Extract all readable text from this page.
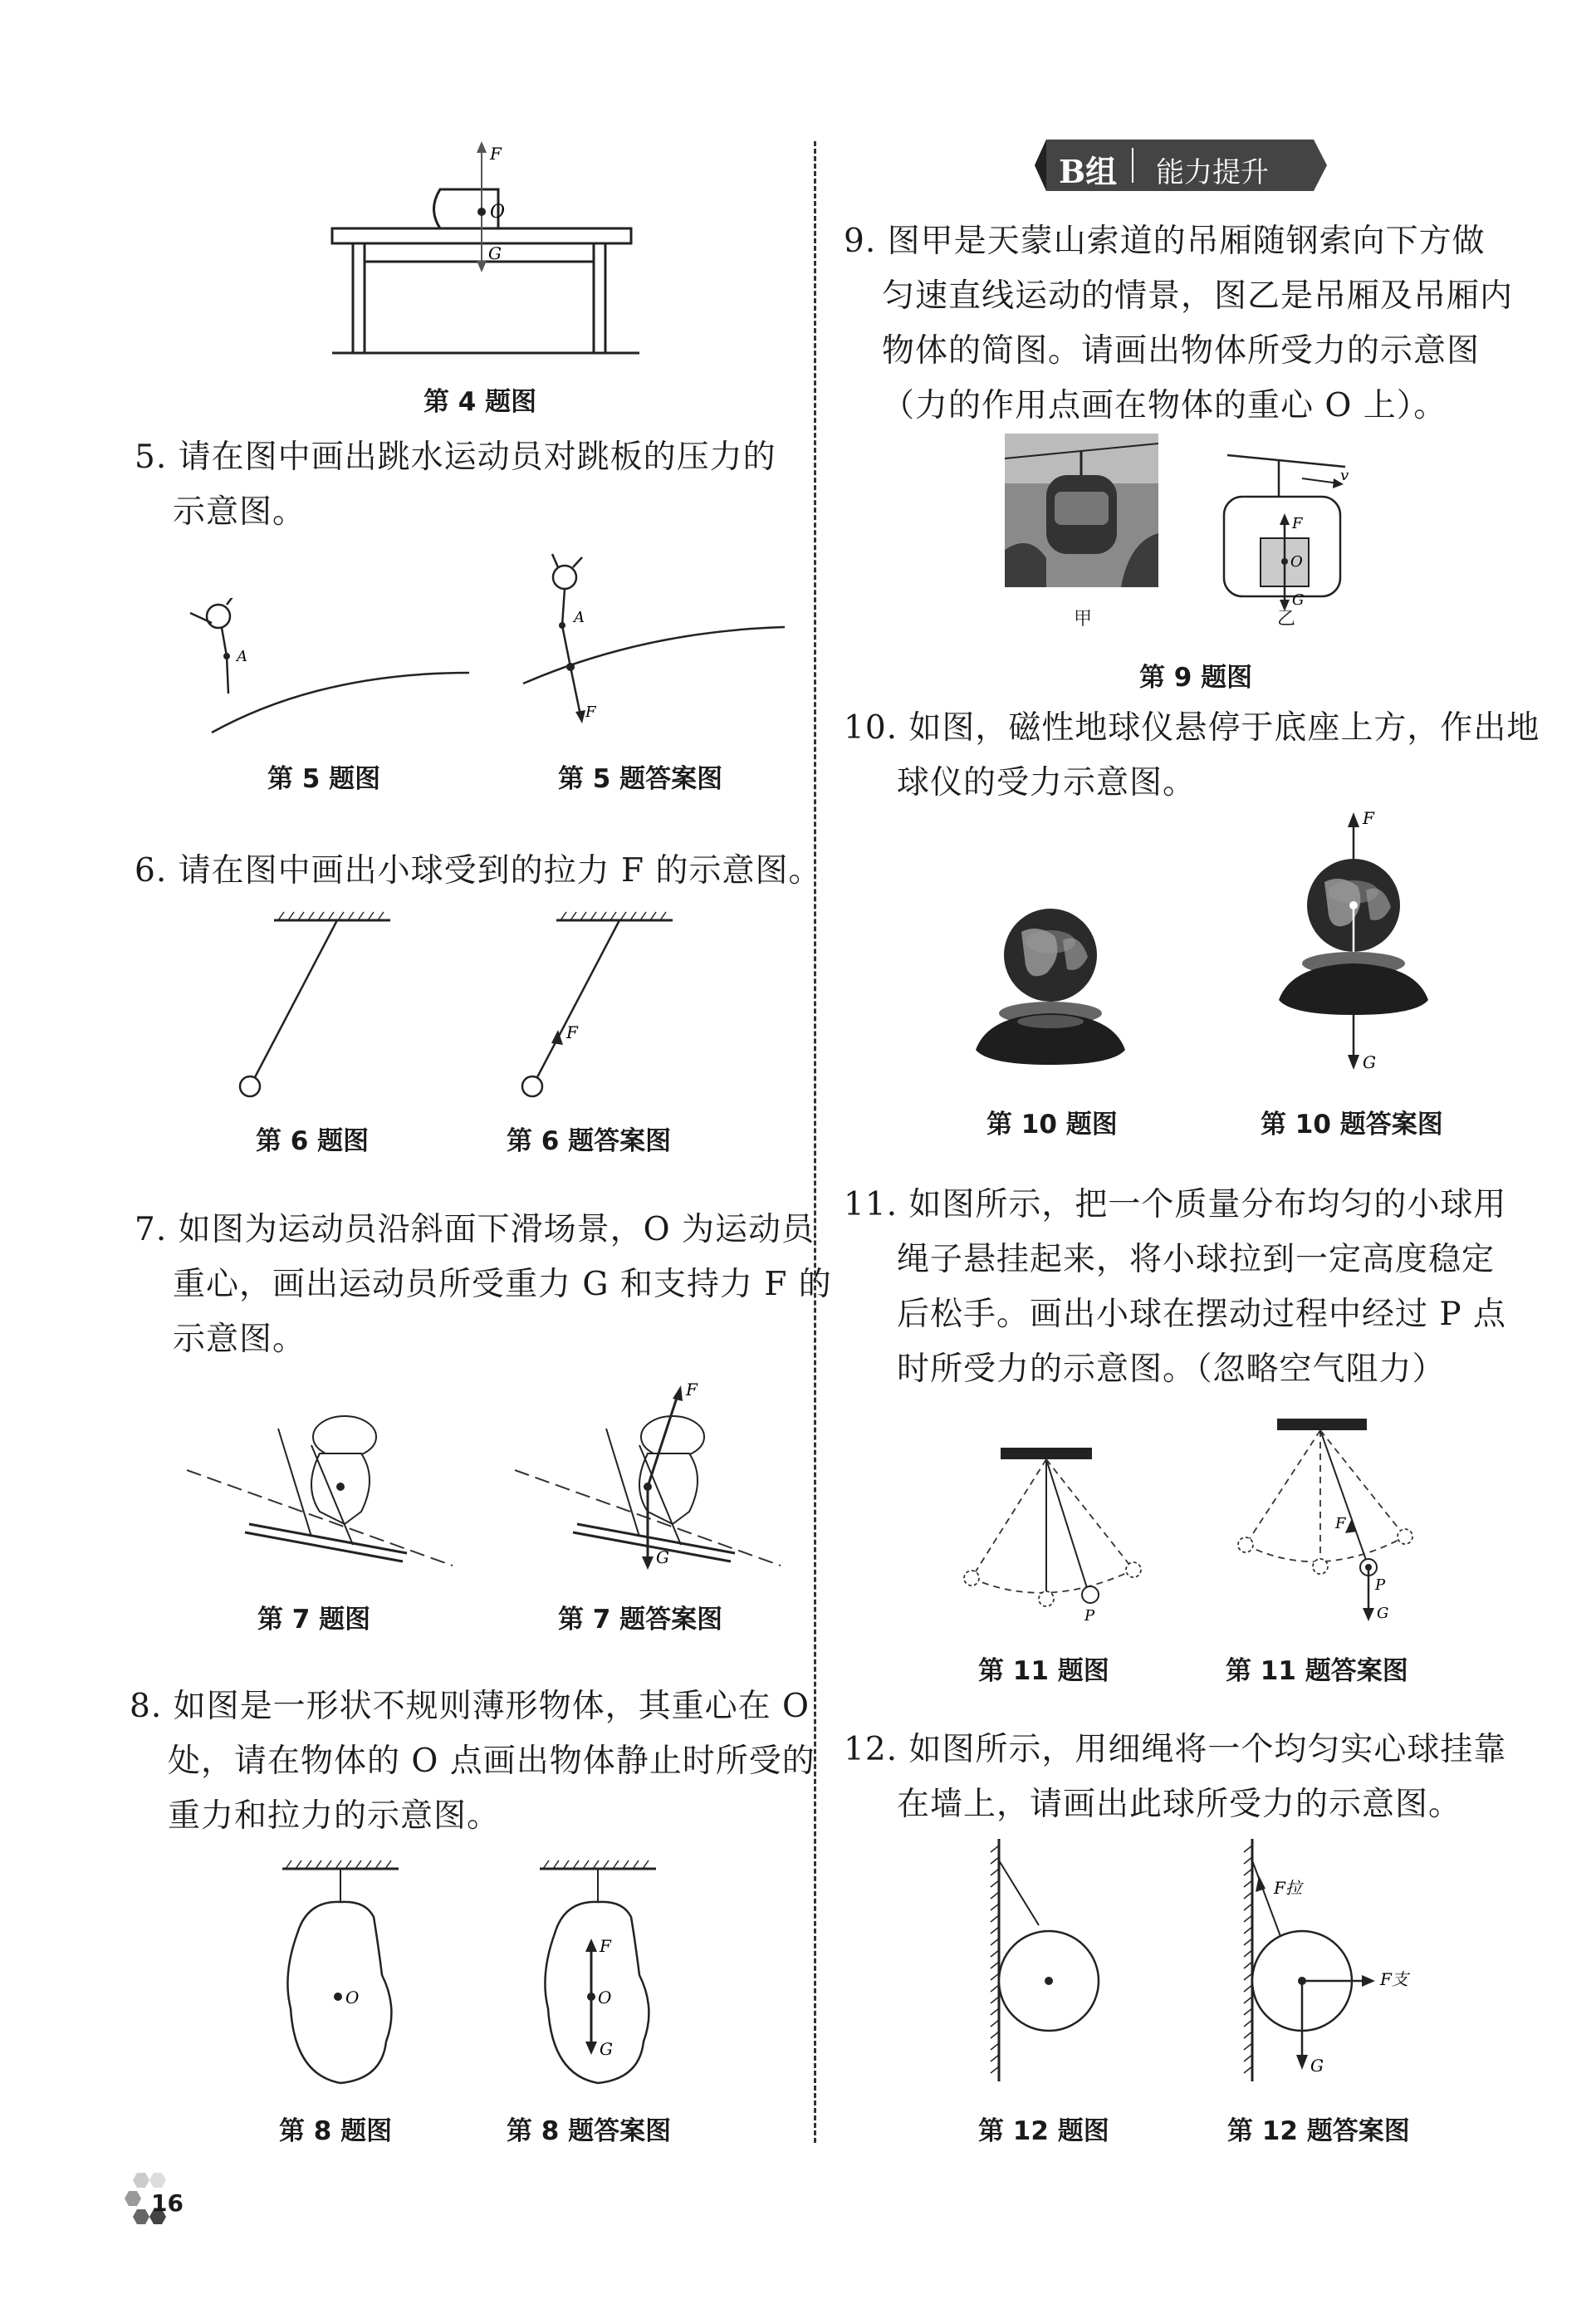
F
O
G
第 4 题图
5. 请在图中画出跳水运动员对跳板的压力的
示意图。
A
第 5 题图
A
F
第 5 题答案图
6. 请在图中画出小球受到的拉力 F 的示意图。
第 6 题图
F
第 6 题答案图
7. 如图为运动员沿斜面下滑场景，O 为运动员
重心，画出运动员所受重力 G 和支持力 F 的
示意图。
第 7 题图
F
G
第 7 题答案图
8. 如图是一形状不规则薄形物体，其重心在 O
处，请在物体的 O 点画出物体静止时所受的
重力和拉力的示意图。
O
第 8 题图
F
O
G
第 8 题答案图
B组 能力提升
9. 图甲是天蒙山索道的吊厢随钢索向下方做
匀速直线运动的情景，图乙是吊厢及吊厢内
物体的简图。请画出物体所受力的示意图
（力的作用点画在物体的重心 O 上）。
甲
v
F
O
G
乙
第 9 题图
10. 如图，磁性地球仪悬停于底座上方，作出地
球仪的受力示意图。
第 10 题图
F
G
第 10 题答案图
11. 如图所示，把一个质量分布均匀的小球用
绳子悬挂起来，将小球拉到一定高度稳定
后松手。画出小球在摆动过程中经过 P 点
时所受力的示意图。（忽略空气阻力）
P
第 11 题图
F
P
G
第 11 题答案图
12. 如图所示，用细绳将一个均匀实心球挂靠
在墙上，请画出此球所受力的示意图。
第 12 题图
F拉
F支
G
第 12 题答案图
16
